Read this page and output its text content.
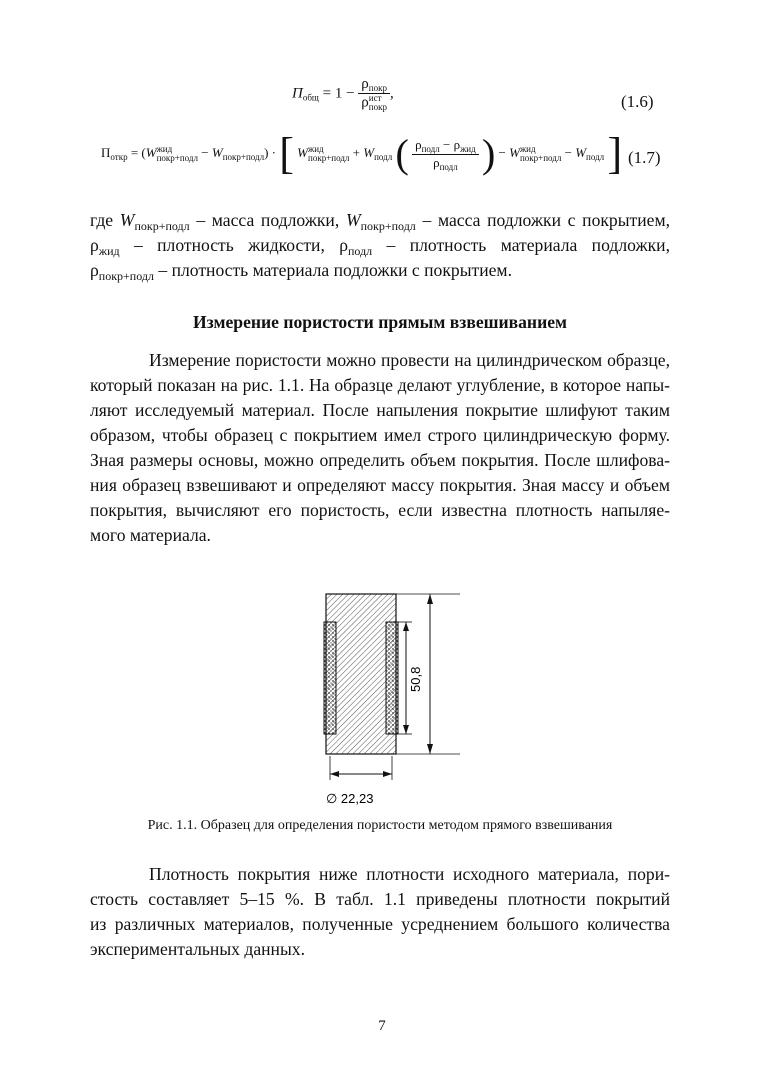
$П_{общ} = 1 - \rho_{покр}$
ρ ист
покр ,	(1.6)
$П_{откр} = (W$ жид
покр+подл − $W_{покр+подл}$) · [ W жид
покр+подл + $W_{подл}$ ( $\frac{\rho_{подл} - \rho_{жид}}{\rho_{подл}}$ ) − W жид
покр+подл − $W_{подл}$ ] (1.7)
где $W_{покр+подл}$ – масса подложки, $W_{покр+подл}$ – масса подложки с покрытием,
$\rho_{жид}$ – плотность жидкости, $\rho_{подл}$ – плотность материала подложки,
$\rho_{покр+подл}$ – плотность материала подложки с покрытием.
Измерение пористости прямым взвешиванием
Измерение пористости можно провести на цилиндрическом образце,
который показан на рис. 1.1. На образце делают углубление, в которое напы-
ляют исследуемый материал. После напыления покрытие шлифуют таким
образом, чтобы образец с покрытием имел строго цилиндрическую форму.
Зная размеры основы, можно определить объем покрытия. После шлифова-
ния образец взвешивают и определяют массу покрытия. Зная массу и объем
покрытия, вычисляют его пористость, если известна плотность напыляе-
мого материала.
50,8
∅ 22,23
Рис. 1.1. Образец для определения пористости методом прямого взвешивания
Плотность покрытия ниже плотности исходного материала, пори-
стость составляет 5–15 %. В табл. 1.1 приведены плотности покрытий
из различных материалов, полученные усреднением большого количества
экспериментальных данных.
7
